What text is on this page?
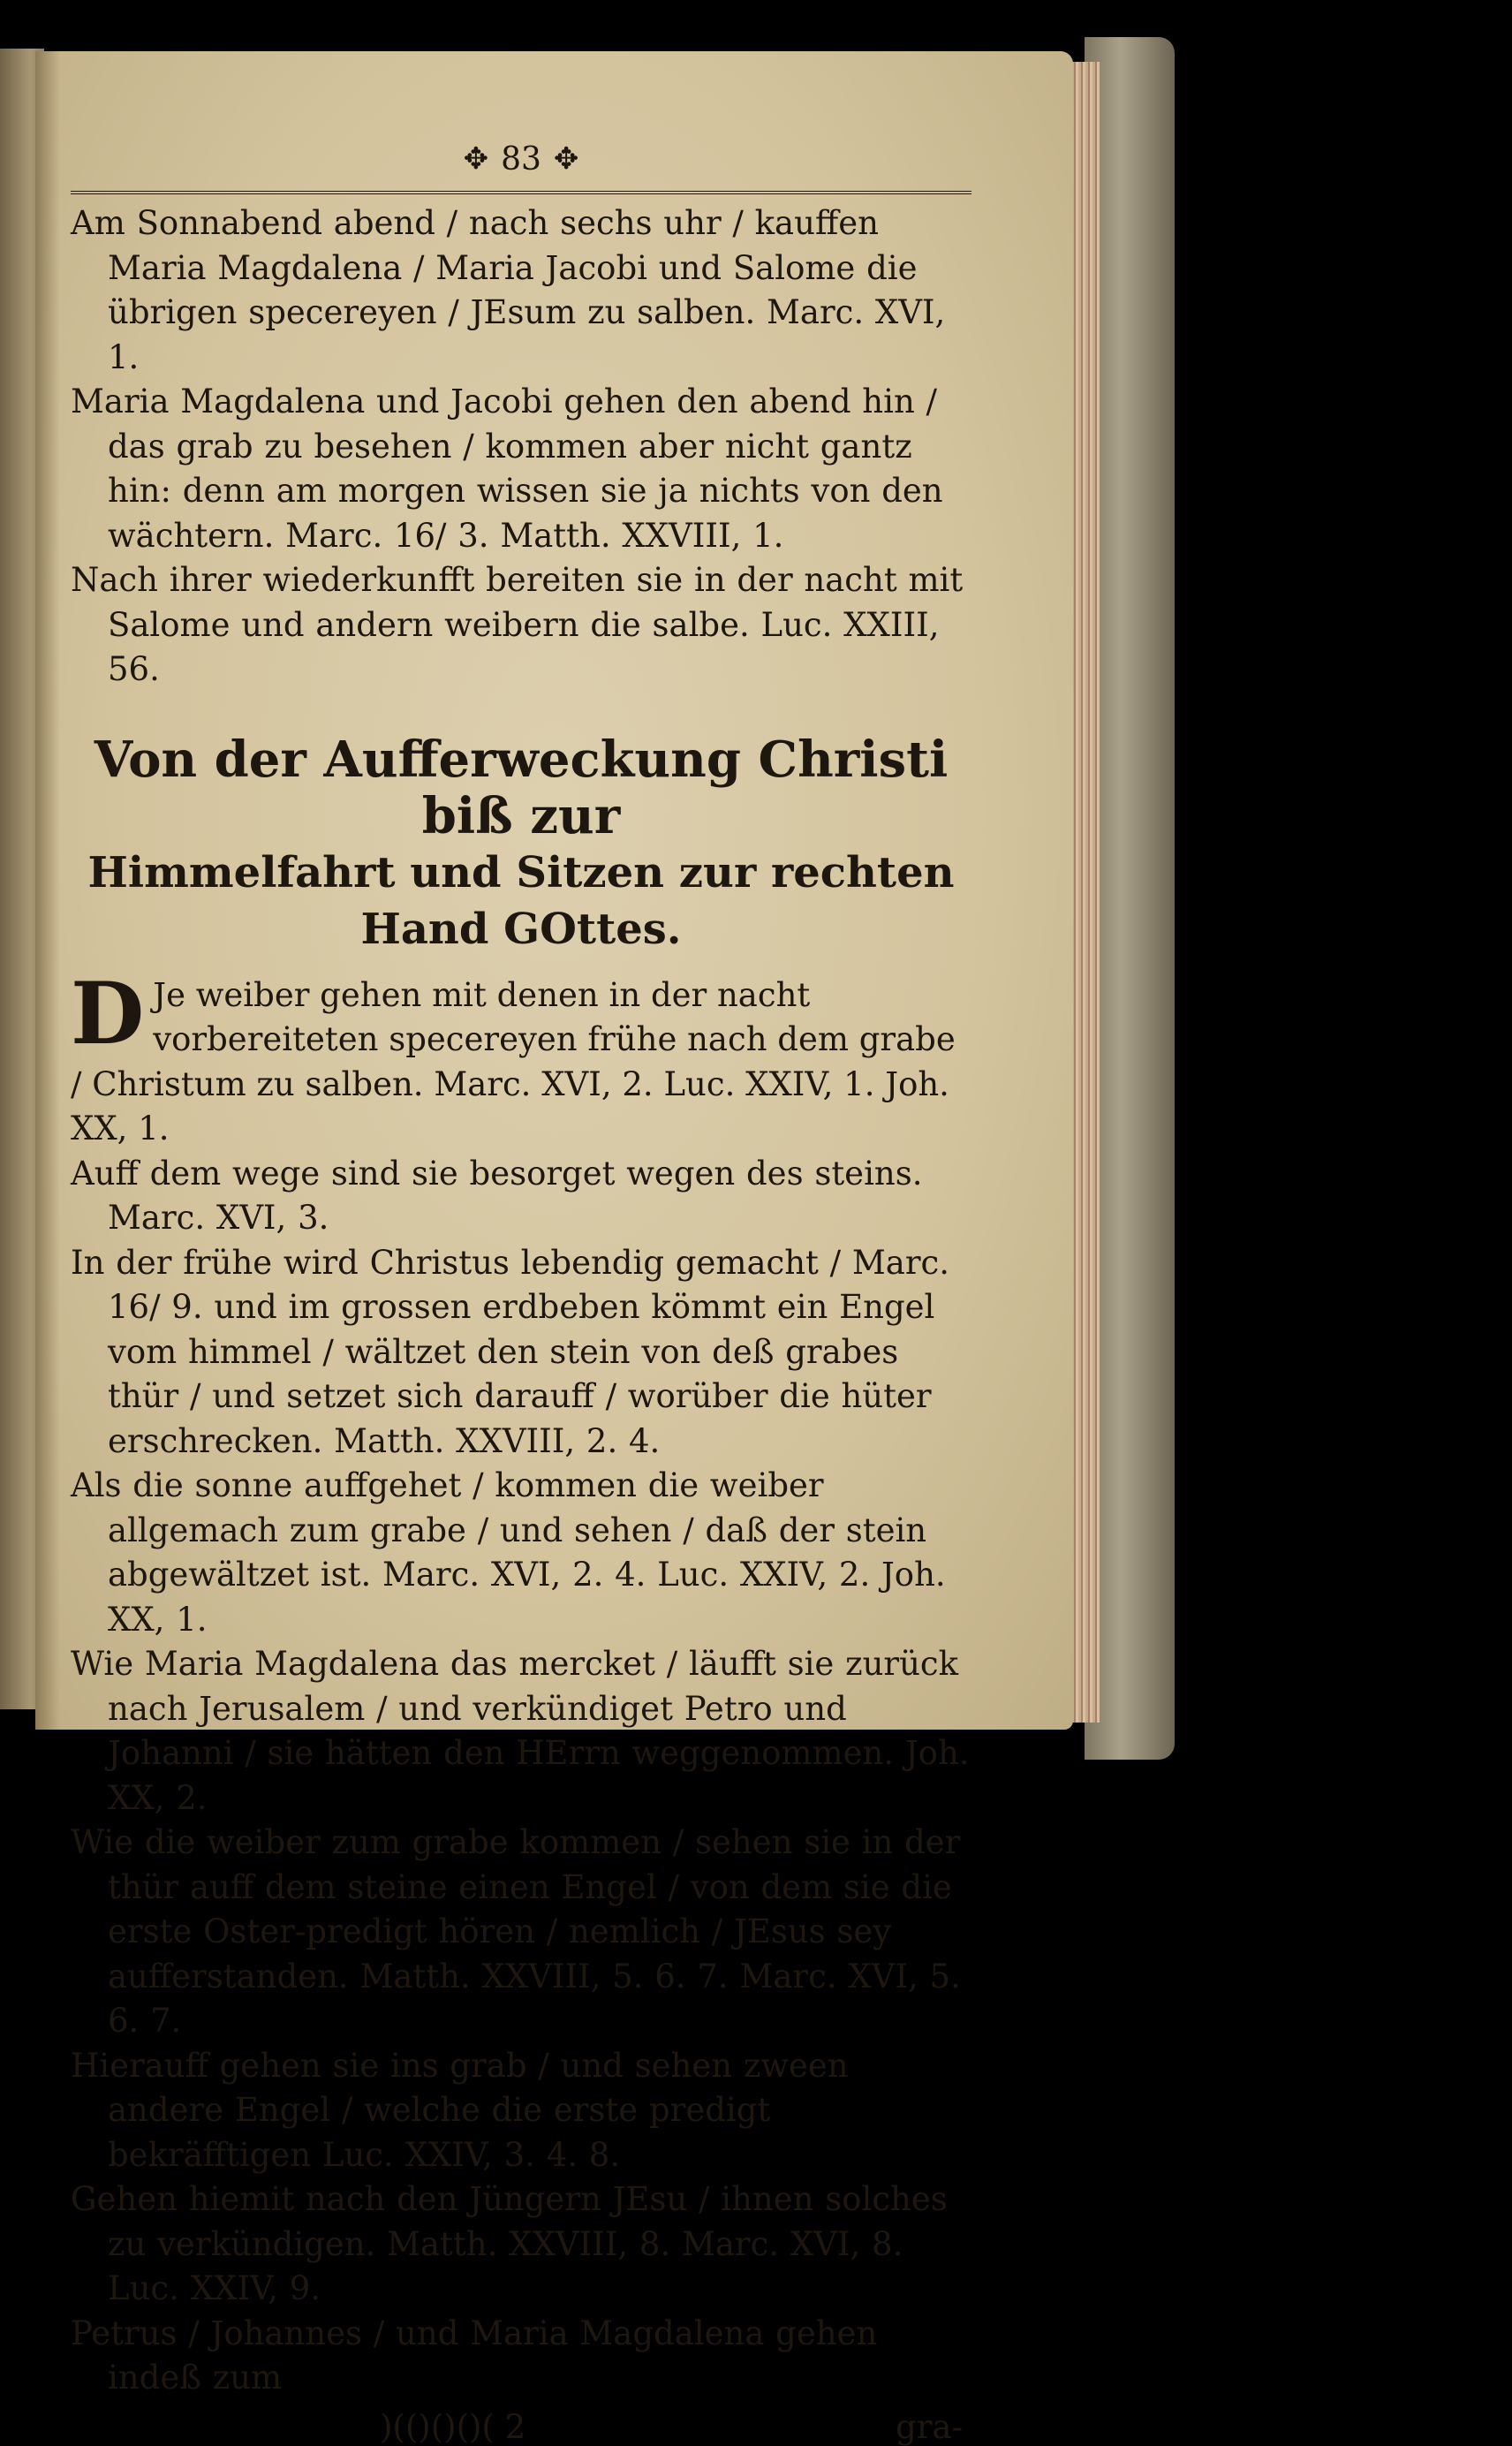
✥ 83 ✥
Am Sonnabend abend / nach sechs uhr / kauffen Maria Magdalena / Maria Jacobi und Salome die übrigen specereyen / JEsum zu salben. Marc. XVI, 1.
Maria Magdalena und Jacobi gehen den abend hin / das grab zu besehen / kommen aber nicht gantz hin: denn am morgen wissen sie ja nichts von den wächtern. Marc. 16/ 3. Matth. XXVIII, 1.
Nach ihrer wiederkunfft bereiten sie in der nacht mit Salome und andern weibern die salbe. Luc. XXIII, 56.
Von der Aufferweckung Christi biß zur
Himmelfahrt und Sitzen zur rechten
Hand GOttes.
D Je weiber gehen mit denen in der nacht vorbereiteten specereyen frühe nach dem grabe / Christum zu salben. Marc. XVI, 2. Luc. XXIV, 1. Joh. XX, 1.
Auff dem wege sind sie besorget wegen des steins. Marc. XVI, 3.
In der frühe wird Christus lebendig gemacht / Marc. 16/ 9. und im grossen erdbeben kömmt ein Engel vom himmel / wältzet den stein von deß grabes thür / und setzet sich darauff / worüber die hüter erschrecken. Matth. XXVIII, 2. 4.
Als die sonne auffgehet / kommen die weiber allgemach zum grabe / und sehen / daß der stein abgewältzet ist. Marc. XVI, 2. 4. Luc. XXIV, 2. Joh. XX, 1.
Wie Maria Magdalena das mercket / läufft sie zurück nach Jerusalem / und verkündiget Petro und Johanni / sie hätten den HErrn weggenommen. Joh. XX, 2.
Wie die weiber zum grabe kommen / sehen sie in der thür auff dem steine einen Engel / von dem sie die erste Oster-predigt hören / nemlich / JEsus sey aufferstanden. Matth. XXVIII, 5. 6. 7. Marc. XVI, 5. 6. 7.
Hierauff gehen sie ins grab / und sehen zween andere Engel / welche die erste predigt bekräfftigen Luc. XXIV, 3. 4. 8.
Gehen hiemit nach den Jüngern JEsu / ihnen solches zu verkündigen. Matth. XXVIII, 8. Marc. XVI, 8. Luc. XXIV, 9.
Petrus / Johannes / und Maria Magdalena gehen indeß zum
)(()()()( 2	gra-
